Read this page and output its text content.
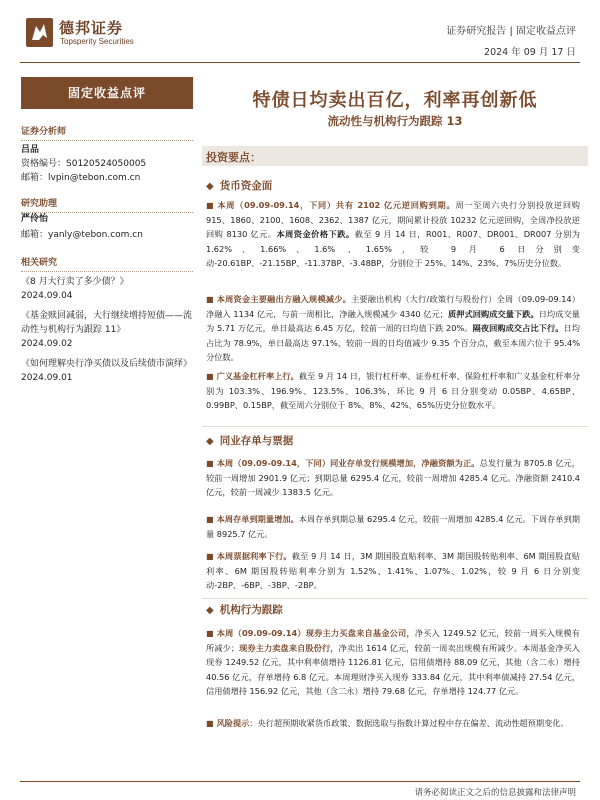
德邦证券
Topsperity Securities
证券研究报告 | 固定收益点评
2024 年 09 月 17 日
固定收益点评
证券分析师
吕品
资格编号：S0120524050005
邮箱：lvpin@tebon.com.cn
研究助理
严伶怡
邮箱：yanly@tebon.com.cn
相关研究
《8 月大行卖了多少债？》
2024.09.04
《基金赎回减弱，大行继续增持短债——流动性与机构行为跟踪 11》
2024.09.02
《如何理解央行净买债以及后续债市演绎》
2024.09.01
特债日均卖出百亿，利率再创新低
流动性与机构行为跟踪 13
投资要点：
◆ 货币资金面
■ 本周（09.09-09.14，下同）共有 2102 亿元逆回购到期。周一至周六央行分别投放逆回购 915、1860、2100、1608、2362、1387 亿元，期间累计投放 10232 亿元逆回购，全周净投放逆回购 8130 亿元。本周资金价格下跌。截至 9 月 14 日，R001、R007、DR001、DR007 分别为 1.62%、1.66%、1.6% 、1.65%，较 9 月 6 日分别变动-20.61BP、-21.15BP、-11.37BP、-3.48BP，分别位于 25%、14%、23%、7%历史分位数。
■ 本周资金主要融出方融入规模减少。主要融出机构（大行/政策行与股份行）全周（09.09-09.14）净融入 1134 亿元，与前一周相比，净融入规模减少 4340 亿元；质押式回购成交量下跌。日均成交量为 5.71 万亿元，单日最高达 6.45 万亿，较前一周的日均值下跌 20%。隔夜回购成交占比下行。日均占比为 78.9%，单日最高达 97.1%，较前一周的日均值减少 9.35 个百分点，截至本周六位于 95.4%分位数。
■ 广义基金杠杆率上行。截至 9 月 14 日，银行杠杆率、证券杠杆率、保险杠杆率和广义基金杠杆率分别为 103.3%、196.9%、123.5%、106.3%，环比 9 月 6 日分别变动 0.05BP、4.65BP、0.99BP、0.15BP，截至周六分别位于 8%、8%、42%、65%历史分位数水平。
◆ 同业存单与票据
■ 本周（09.09-09.14，下同）同业存单发行规模增加，净融资额为正。总发行量为 8705.8 亿元，较前一周增加 2901.9 亿元；到期总量 6295.4 亿元，较前一周增加 4285.4 亿元。净融资额 2410.4 亿元，较前一周减少 1383.5 亿元。
■ 本周存单到期量增加。本周存单到期总量 6295.4 亿元，较前一周增加 4285.4 亿元。下周存单到期量 8925.7 亿元。
■ 本周票据利率下行。截至 9 月 14 日，3M 期国股直贴利率、3M 期国股转贴利率、6M 期国股直贴利率、6M 期国股转贴利率分别为 1.52%、1.41%、1.07%、1.02%，较 9 月 6 日分别变动-2BP、-6BP、-3BP、-2BP。
◆ 机构行为跟踪
■ 本周（09.09-09.14）现券主力买盘来自基金公司，净买入 1249.52 亿元，较前一周买入规模有所减少；现券主力卖盘来自股份行，净卖出 1614 亿元，较前一周卖出规模有所减少。本周基金净买入现券 1249.52 亿元，其中利率债增持 1126.81 亿元，信用债增持 88.09 亿元，其他（含二永）增持 40.56 亿元，存单增持 6.8 亿元。本周理财净买入现券 333.84 亿元，其中利率债减持 27.54 亿元，信用债增持 156.92 亿元，其他（含二永）增持 79.68 亿元，存单增持 124.77 亿元。
■ 风险提示：央行超预期收紧货币政策、数据选取与指数计算过程中存在偏差、流动性超预期变化。
请务必阅读正文之后的信息披露和法律声明
